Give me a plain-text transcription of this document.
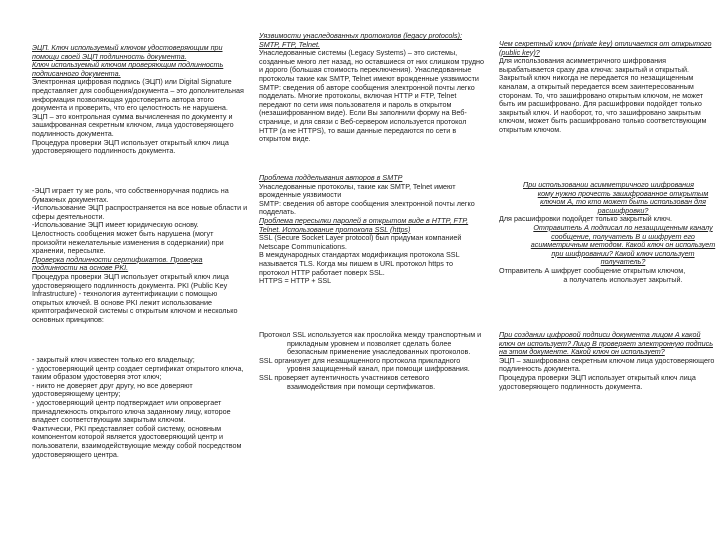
ЭЦП. Ключ используемый ключом удостоверяющим при помощи своей ЭЦП подлинность документа.
Ключ используемый ключом проверяющим подлинность подписанного документа.
Электронная цифровая подпись (ЭЦП) или Digital Signature представляет для сообщения/документа – это дополнительная информация позволяющая удостоверить автора этого документа и проверить, что его целостность не нарушена.
ЭЦП – это контрольная сумма вычисленная по документу и зашифрованная секретным ключом, лица удостоверяющего подлинность документа.
Процедура проверки ЭЦП использует открытый ключ лица удостоверяющего подлинность документа.
-ЭЦП играет ту же роль, что собственноручная подпись на бумажных документах.
-Использование ЭЦП распространяется на все новые области и сферы деятельности.
-Использование ЭЦП имеет юридическую основу.
Целостность сообщения может быть нарушена (могут произойти нежелательные изменения в содержании) при хранении, пересылке.
Проверка подлинности сертификатов. Проверка подлинности на основе PKI.
Процедура проверки ЭЦП использует открытый ключ лица удостоверяющего подлинность документа. PKI (Public Key Infrastructure) - технология аутентификации с помощью открытых ключей. В основе PKI лежит использование криптографической системы с открытым ключом и несколько основных принципов:
- закрытый ключ известен только его владельцу;
- удостоверяющий центр создает сертификат открытого ключа, таким образом удостоверяя этот ключ;
- никто не доверяет друг другу, но все доверяют удостоверяющему центру;
- удостоверяющий центр подтверждает или опровергает принадлежность открытого ключа заданному лицу, которое владеет соответствующим закрытым ключом.
Фактически, PKI представляет собой систему, основным компонентом которой является удостоверяющий центр и пользователи, взаимодействующие между собой посредством удостоверяющего центра.
Уязвимости унаследованных протоколов (legacy protocols): SMTP, FTP, Telnet.
Унаследованные системы (Legacy Systems) – это системы, созданные много лет назад, но оставшиеся от них слишком трудно и дорого (большая стоимость переключения). Унаследованные протоколы такие как SMTP, Telnet имеют врожденные уязвимости SMTP: сведения об авторе сообщения электронной почты легко подделать. Многие протоколы, включая HTTP и FTP, Telnet передают по сети имя пользователя и пароль в открытом (незашифрованном виде). Если Вы заполнили форму на Веб-странице, и для связи с Веб-сервером используется протокол HTTP (а не HTTPS), то ваши данные передаются по сети в открытом виде.
Проблема подделывания авторов в SMTP
Унаследованные протоколы, такие как SMTP, Telnet имеют врожденные уязвимости
SMTP: сведения об авторе сообщения электронной почты легко подделать.
Проблема пересылки паролей в открытом виде в HTTP, FTP, Telnet. Использование протокола SSL (https)
SSL (Secure Socket Layer protocol) был придуман компанией Netscape Communications.
В международных стандартах модификация протокола SSL называется TLS. Когда мы пишем в URL протокол https то протокол HTTP работает поверх SSL.
HTTPS = HTTP + SSL
Протокол SSL используется как прослойка между транспортным и прикладным уровнем и позволяет сделать более безопасным применение унаследованных протоколов.
SSL организует для незащищенного протокола прикладного уровня защищенный канал, при помощи шифрования.
SSL проверяет аутентичность участников сетевого взаимодействия при помощи сертификатов.
Чем секретный ключ (private key) отличается от открытого (public key)?
Для использования асимметричного шифрования вырабатывается сразу два ключа: закрытый и открытый. Закрытый ключ никогда не передается по незащищенным каналам, а открытый передается всем заинтересованным сторонам. То, что зашифровано открытым ключом, не может быть им расшифровано. Для расшифровки подойдет только закрытый ключ. И наоборот, то, что зашифровано закрытым ключом, может быть расшифровано только соответствующим открытым ключом.
При использовании асимметричного шифрования
кому нужно прочесть зашифрованное открытым ключом А, то кто может быть использован для расшифровки?
Для расшифровки подойдет только закрытый ключ.
Отправитель А подписал по незащищенным каналу сообщение, получатель В и шифрует его асимметричным методом. Какой ключ он использует при шифровании? Какой ключ использует получатель?
Отправитель А шифрует сообщение открытым ключом,
а получатель использует закрытый.
При создании цифровой подписи документа лицом А какой ключ он использует? Лицо В проверяет электронную подпись на этом документе. Какой ключ он использует?
ЭЦП – зашифрована секретным ключом лица удостоверяющего подлинность документа.
Процедура проверки ЭЦП использует открытый ключ лица удостоверяющего подлинность документа.
